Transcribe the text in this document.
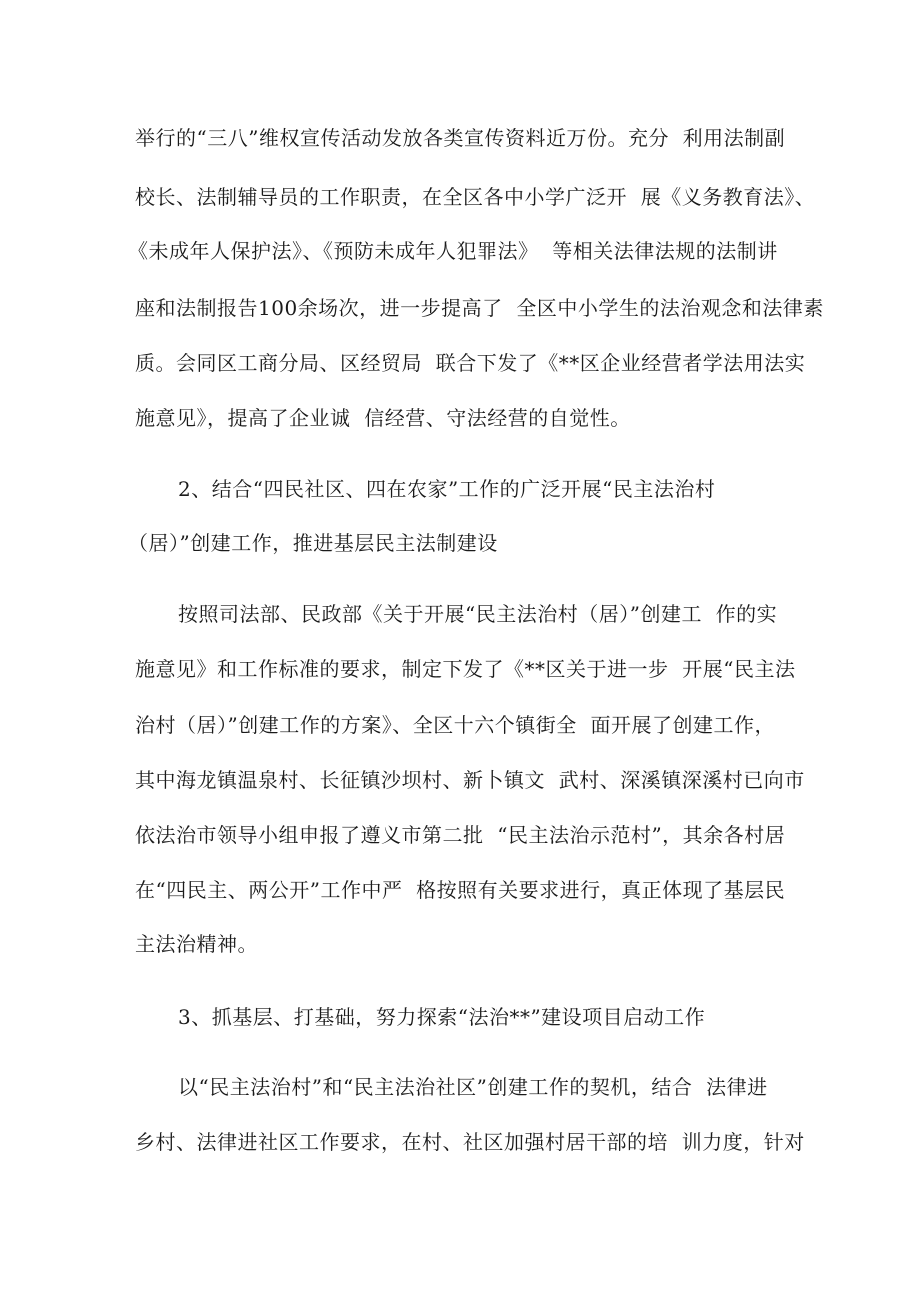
举行的“三八”维权宣传活动发放各类宣传资料近万份。充分  利用法制副
校长、法制辅导员的工作职责，在全区各中小学广泛开  展《义务教育法》、
《未成年人保护法》、《预防未成年人犯罪法》  等相关法律法规的法制讲
座和法制报告100余场次，进一步提高了  全区中小学生的法治观念和法律素
质。会同区工商分局、区经贸局  联合下发了《**区企业经营者学法用法实
施意见》，提高了企业诚  信经营、守法经营的自觉性。
2、结合“四民社区、四在农家”工作的广泛开展“民主法治村
（居）”创建工作，推进基层民主法制建设
按照司法部、民政部《关于开展“民主法治村（居）”创建工  作的实
施意见》和工作标准的要求，制定下发了《**区关于进一步  开展“民主法
治村（居）”创建工作的方案》、全区十六个镇街全  面开展了创建工作，
其中海龙镇温泉村、长征镇沙坝村、新卜镇文  武村、深溪镇深溪村已向市
依法治市领导小组申报了遵义市第二批  “民主法治示范村”，其余各村居
在“四民主、两公开”工作中严  格按照有关要求进行，真正体现了基层民
主法治精神。
3、抓基层、打基础，努力探索“法治**”建设项目启动工作
以“民主法治村”和“民主法治社区”创建工作的契机，结合  法律进
乡村、法律进社区工作要求，在村、社区加强村居干部的培  训力度，针对
